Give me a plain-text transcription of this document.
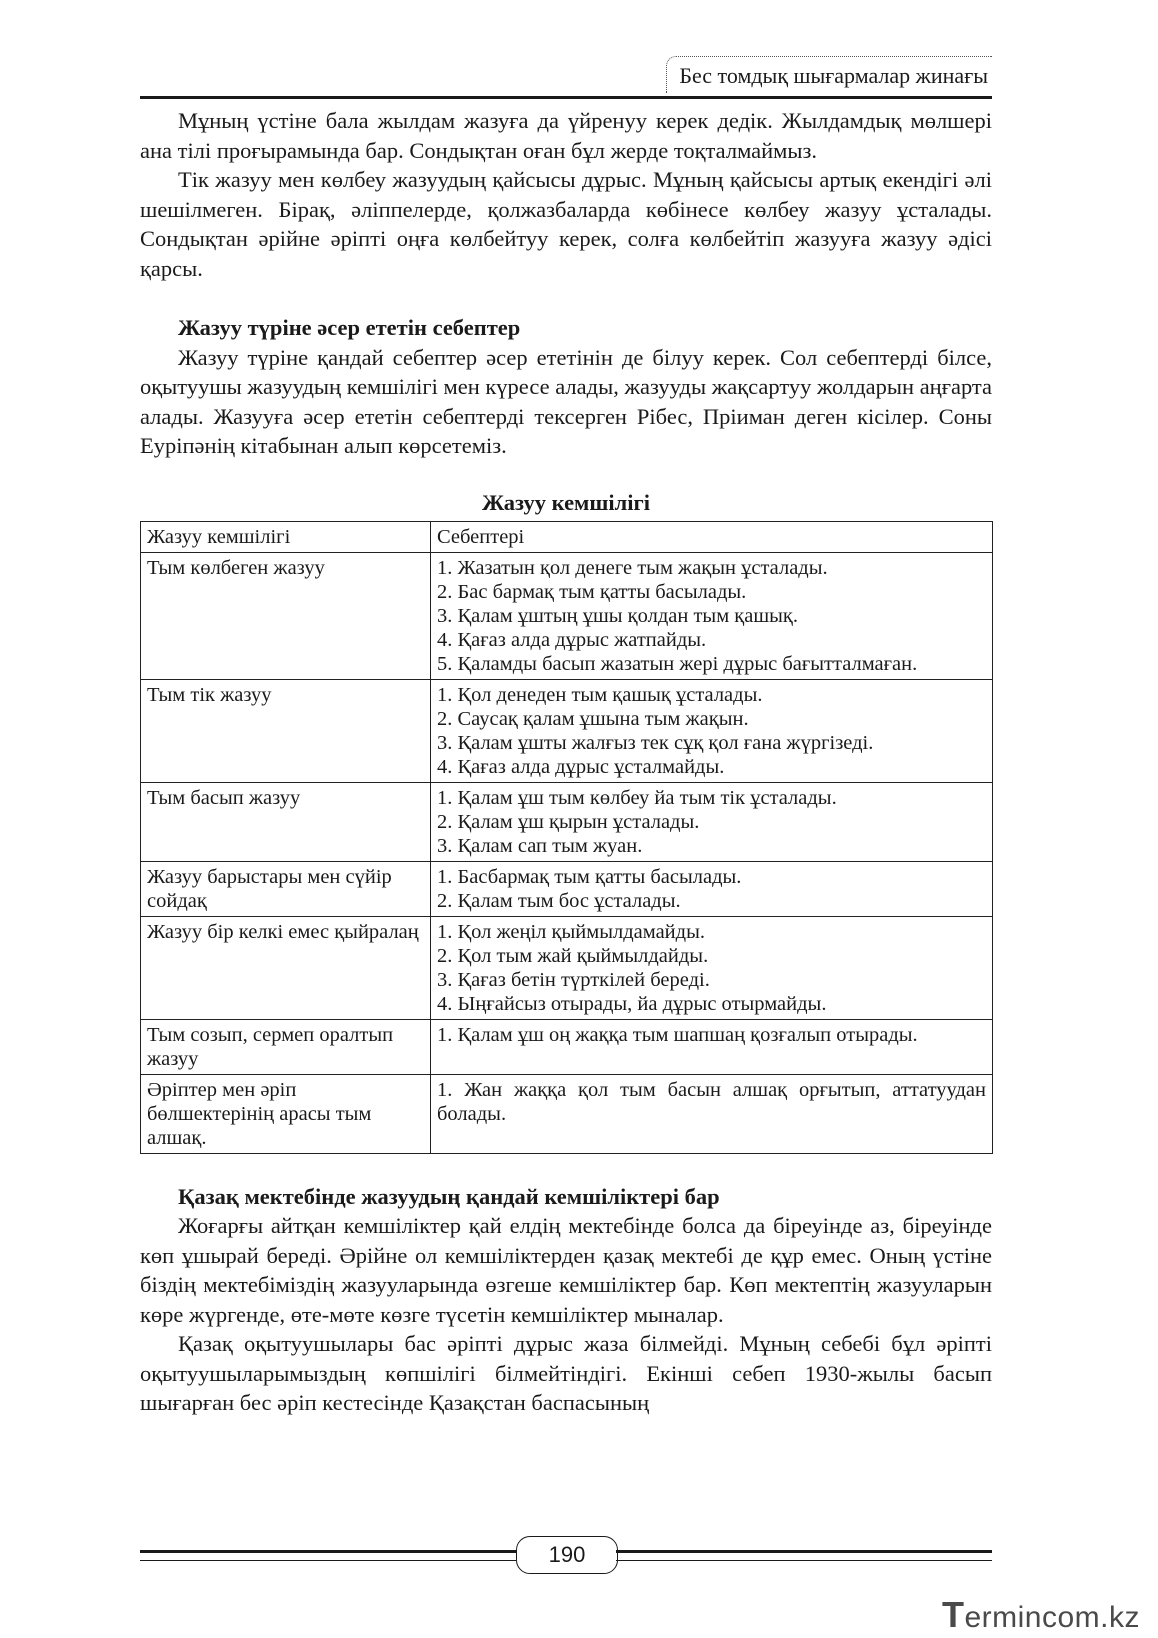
Бес томдық шығармалар жинағы

Мұның үстіне бала жылдам жазуға да үйренуу керек дедік. Жылдамдық мөлшері ана тілі проғырамында бар. Сондықтан оған бұл жерде тоқталмаймыз.

Тік жазуу мен көлбеу жазуудың қайсысы дұрыс. Мұның қайсысы артық екендігі әлі шешілмеген. Бірақ, әліппелерде, қолжазбаларда көбінесе көлбеу жазуу ұсталады. Сондықтан әрійне әріпті оңға көлбейтуу керек, солға көлбейтіп жазууға жазуу әдісі қарсы.

Жазуу түріне әсер ететін себептер

Жазуу түріне қандай себептер әсер ететінін де білуу керек. Сол себептерді білсе, оқытуушы жазуудың кемшілігі мен күресе алады, жазууды жақсартуу жолдарын аңғарта алады. Жазууға әсер ететін себептерді тексерген Рібес, Пріиман деген кісілер. Соны Еуріпәнің кітабынан алып көрсетеміз.

Жазуу кемшілігі
Жазуу кемшілігі	Себептері
Тым көлбеген жазуу	1. Жазатын қол денеге тым жақын ұсталады.
2. Бас бармақ тым қатты басылады.
3. Қалам ұштың ұшы қолдан тым қашық.
4. Қағаз алда дұрыс жатпайды.
5. Қаламды басып жазатын жері дұрыс бағытталмаған.

Тым тік жазуу	1. Қол денеден тым қашық ұсталады.
2. Саусақ қалам ұшына тым жақын.
3. Қалам ұшты жалғыз тек сұқ қол ғана жүргізеді.
4. Қағаз алда дұрыс ұсталмайды.

Тым басып жазуу	1. Қалам ұш тым көлбеу йа тым тік ұсталады.
2. Қалам ұш қырын ұсталады.
3. Қалам сап тым жуан.

Жазуу барыстары мен сүйір сойдақ	1. Басбармақ тым қатты басылады.
2. Қалам тым бос ұсталады.

Жазуу бір келкі емес қыйралаң	1. Қол жеңіл қыймылдамайды.
2. Қол тым жай қыймылдайды.
3. Қағаз бетін түрткілей береді.
4. Ыңғайсыз отырады, йа дұрыс отырмайды.

Тым созып, сермеп оралтып жазуу	1. Қалам ұш оң жаққа тым шапшаң қозғалып отырады.

Әріптер мен әріп бөлшектерінің арасы тым алшақ.	1. Жан жаққа қол тым басын алшақ орғытып, аттатуудан болады.

Қазақ мектебінде жазуудың қандай кемшіліктері бар

Жоғарғы айтқан кемшіліктер қай елдің мектебінде болса да біреуінде аз, біреуінде көп ұшырай береді. Әрійне ол кемшіліктерден қазақ мектебі де құр емес. Оның үстіне біздің мектебіміздің жазууларында өзгеше кемшіліктер бар. Көп мектептің жазууларын көре жүргенде, өте-мөте көзге түсетін кемшіліктер мыналар.

Қазақ оқытуушылары бас әріпті дұрыс жаза білмейді. Мұның себебі бұл әріпті оқытуушыларымыздың көпшілігі білмейтіндігі. Екінші себеп 1930-жылы басып шығарған бес әріп кестесінде Қазақстан баспасының

190
Termincom.kz
